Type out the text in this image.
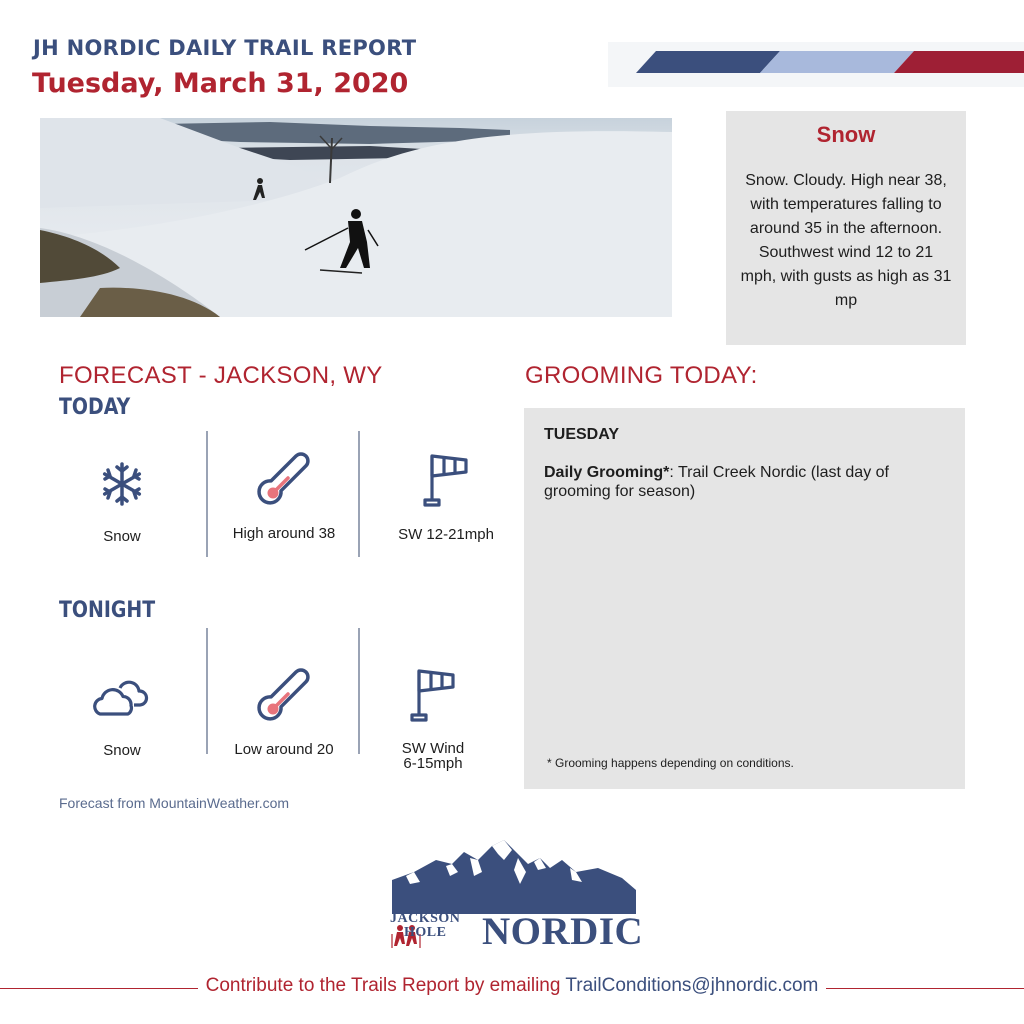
JH NORDIC DAILY TRAIL REPORT
Tuesday, March 31, 2020
Snow
Snow. Cloudy. High near 38, with temperatures falling to around 35 in the afternoon. Southwest wind 12 to 21 mph, with gusts as high as 31 mp
FORECAST - JACKSON, WY
TODAY
Snow	High around 38	SW 12-21mph
TONIGHT
Snow	Low around 20	SW Wind
6-15mph
Forecast from MountainWeather.com
GROOMING TODAY:
TUESDAY
Daily Grooming*: Trail Creek Nordic (last day of grooming for season)
* Grooming happens depending on conditions.
JACKSON
HOLE NORDIC
Contribute to the Trails Report by emailing TrailConditions@jhnordic.com
